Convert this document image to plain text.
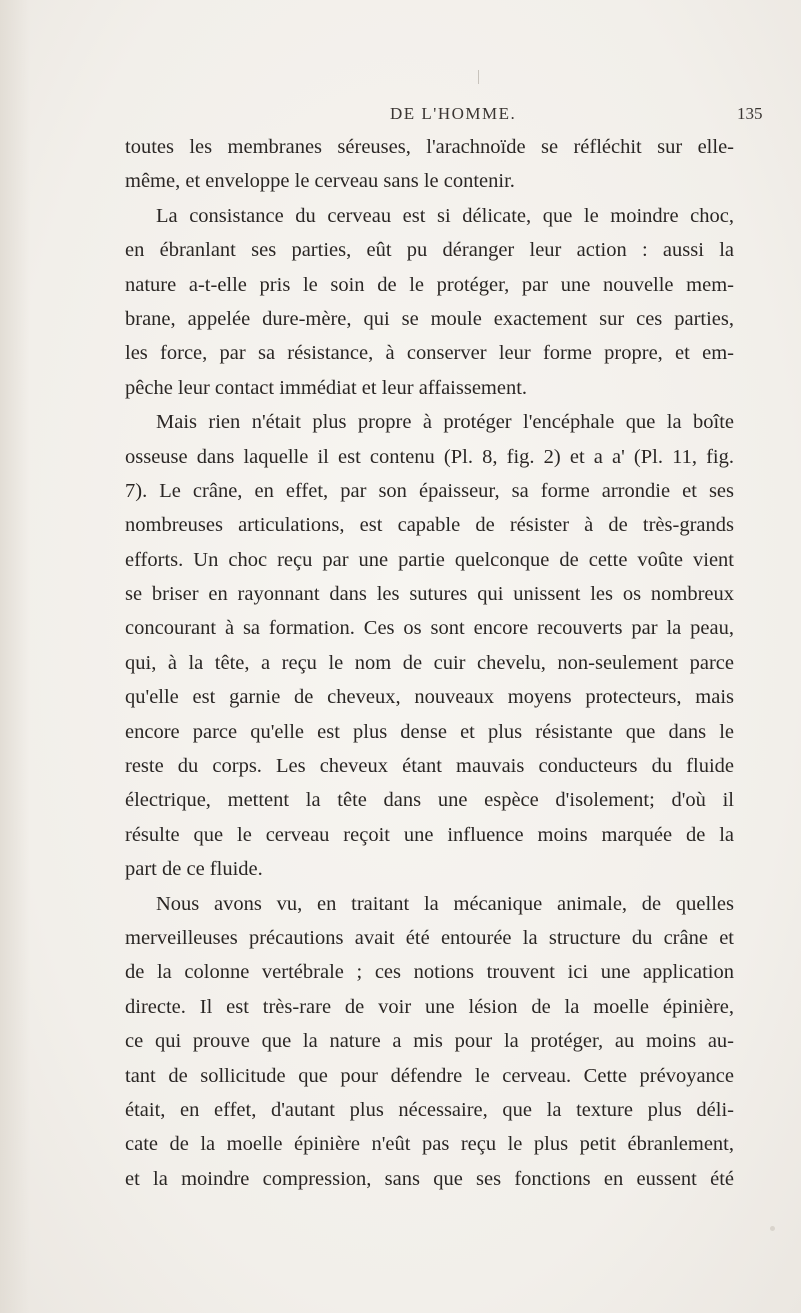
DE L'HOMME.	135
toutes les membranes séreuses, l'arachnoïde se réfléchit sur elle-
même, et enveloppe le cerveau sans le contenir.
La consistance du cerveau est si délicate, que le moindre choc,
en ébranlant ses parties, eût pu déranger leur action : aussi la
nature a-t-elle pris le soin de le protéger, par une nouvelle mem-
brane, appelée dure-mère, qui se moule exactement sur ces parties,
les force, par sa résistance, à conserver leur forme propre, et em-
pêche leur contact immédiat et leur affaissement.
Mais rien n'était plus propre à protéger l'encéphale que la boîte
osseuse dans laquelle il est contenu (Pl. 8, fig. 2) et a a' (Pl. 11, fig.
7). Le crâne, en effet, par son épaisseur, sa forme arrondie et ses
nombreuses articulations, est capable de résister à de très-grands
efforts. Un choc reçu par une partie quelconque de cette voûte vient
se briser en rayonnant dans les sutures qui unissent les os nombreux
concourant à sa formation. Ces os sont encore recouverts par la peau,
qui, à la tête, a reçu le nom de cuir chevelu, non-seulement parce
qu'elle est garnie de cheveux, nouveaux moyens protecteurs, mais
encore parce qu'elle est plus dense et plus résistante que dans le
reste du corps. Les cheveux étant mauvais conducteurs du fluide
électrique, mettent la tête dans une espèce d'isolement; d'où il
résulte que le cerveau reçoit une influence moins marquée de la
part de ce fluide.
Nous avons vu, en traitant la mécanique animale, de quelles
merveilleuses précautions avait été entourée la structure du crâne et
de la colonne vertébrale ; ces notions trouvent ici une application
directe. Il est très-rare de voir une lésion de la moelle épinière,
ce qui prouve que la nature a mis pour la protéger, au moins au-
tant de sollicitude que pour défendre le cerveau. Cette prévoyance
était, en effet, d'autant plus nécessaire, que la texture plus déli-
cate de la moelle épinière n'eût pas reçu le plus petit ébranlement,
et la moindre compression, sans que ses fonctions en eussent été
